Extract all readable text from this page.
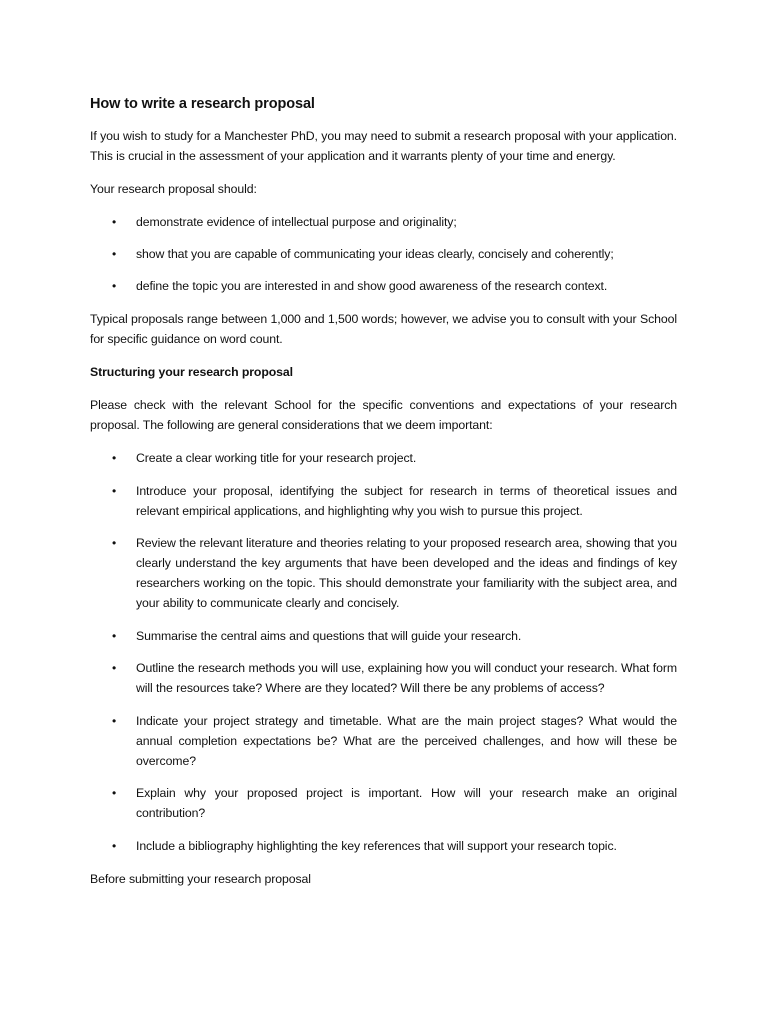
How to write a research proposal

If you wish to study for a Manchester PhD, you may need to submit a research proposal with your application. This is crucial in the assessment of your application and it warrants plenty of your time and energy.

Your research proposal should:

• demonstrate evidence of intellectual purpose and originality;
• show that you are capable of communicating your ideas clearly, concisely and coherently;
• define the topic you are interested in and show good awareness of the research context.

Typical proposals range between 1,000 and 1,500 words; however, we advise you to consult with your School for specific guidance on word count.

Structuring your research proposal

Please check with the relevant School for the specific conventions and expectations of your research proposal. The following are general considerations that we deem important:

• Create a clear working title for your research project.
• Introduce your proposal, identifying the subject for research in terms of theoretical issues and relevant empirical applications, and highlighting why you wish to pursue this project.
• Review the relevant literature and theories relating to your proposed research area, showing that you clearly understand the key arguments that have been developed and the ideas and findings of key researchers working on the topic. This should demonstrate your familiarity with the subject area, and your ability to communicate clearly and concisely.
• Summarise the central aims and questions that will guide your research.
• Outline the research methods you will use, explaining how you will conduct your research. What form will the resources take? Where are they located? Will there be any problems of access?
• Indicate your project strategy and timetable. What are the main project stages? What would the annual completion expectations be? What are the perceived challenges, and how will these be overcome?
• Explain why your proposed project is important. How will your research make an original contribution?
• Include a bibliography highlighting the key references that will support your research topic.

Before submitting your research proposal
